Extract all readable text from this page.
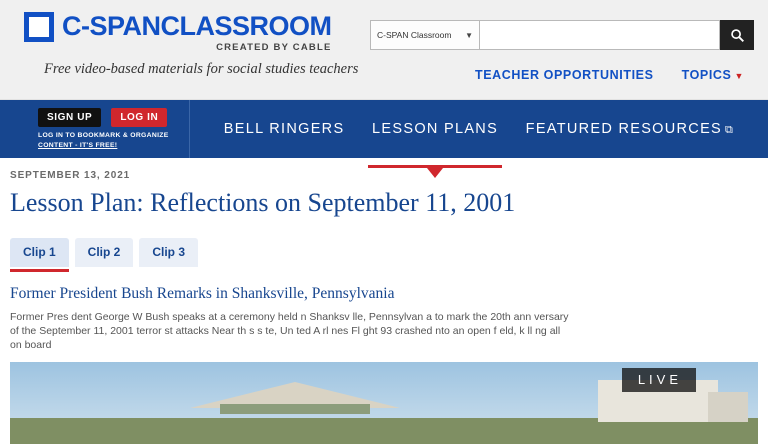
C-SPANCLASSROOM
CREATED BY CABLE
Free video-based materials for social studies teachers
C-SPAN Classroom ▼
TEACHER OPPORTUNITIES TOPICS ▼
SIGN UP	LOG IN
LOG IN TO BOOKMARK & ORGANIZE CONTENT - IT'S FREE!
BELL RINGERS LESSON PLANS FEATURED RESOURCES ⧉
SEPTEMBER 13, 2021
Lesson Plan: Reflections on September 11, 2001
Clip 1	Clip 2	Clip 3
Former President Bush Remarks in Shanksville, Pennsylvania
Former Pres dent George W Bush speaks at a ceremony held n Shanksv lle, Pennsylvan a to mark the 20th ann versary of the September 11, 2001 terror st attacks Near th s s te, Un ted A rl nes Fl ght 93 crashed nto an open f eld, k ll ng all on board
LIVE
